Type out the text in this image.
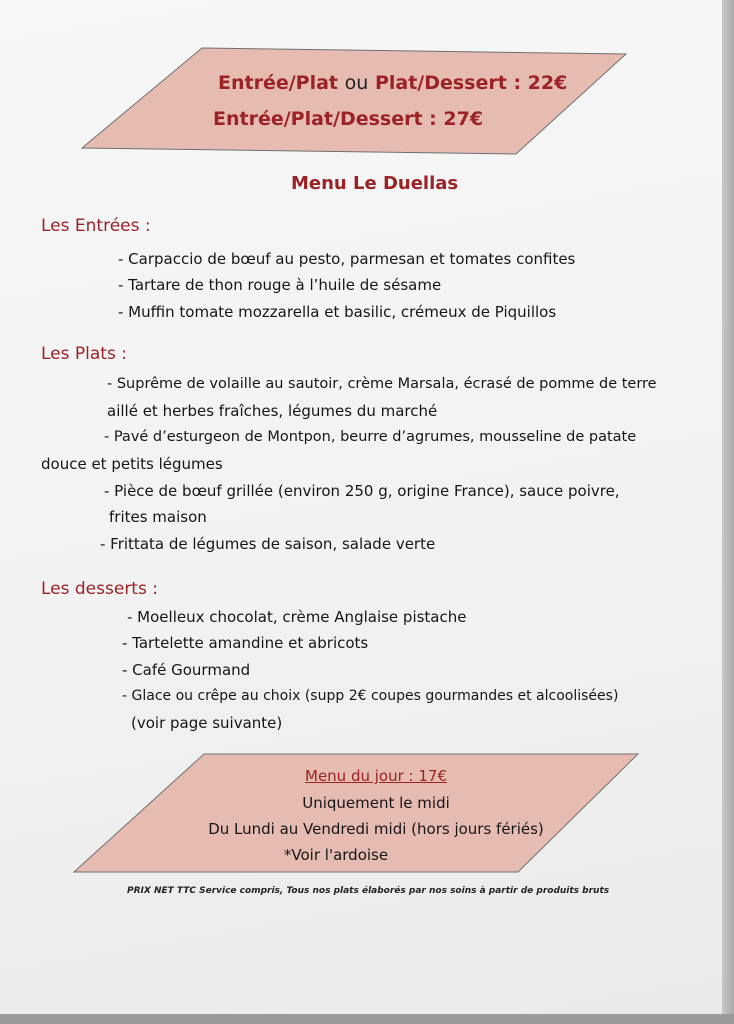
Entrée/Plat ou Plat/Dessert : 22€
Entrée/Plat/Dessert : 27€
Menu Le Duellas
Les Entrées :
- Carpaccio de bœuf au pesto, parmesan et tomates confites
- Tartare de thon rouge à l’huile de sésame
- Muffin tomate mozzarella et basilic, crémeux de Piquillos
Les Plats :
- Suprême de volaille au sautoir, crème Marsala, écrasé de pomme de terre
aillé et herbes fraîches, légumes du marché
- Pavé d’esturgeon de Montpon, beurre d’agrumes, mousseline de patate
douce et petits légumes
- Pièce de bœuf grillée (environ 250 g, origine France), sauce poivre,
frites maison
- Frittata de légumes de saison, salade verte
Les desserts :
- Moelleux chocolat, crème Anglaise pistache
- Tartelette amandine et abricots
- Café Gourmand
- Glace ou crêpe au choix (supp 2€ coupes gourmandes et alcoolisées)
(voir page suivante)
Menu du jour : 17€
Uniquement le midi
Du Lundi au Vendredi midi (hors jours fériés)
*Voir l'ardoise
PRIX NET TTC Service compris, Tous nos plats élaborés par nos soins à partir de produits bruts
